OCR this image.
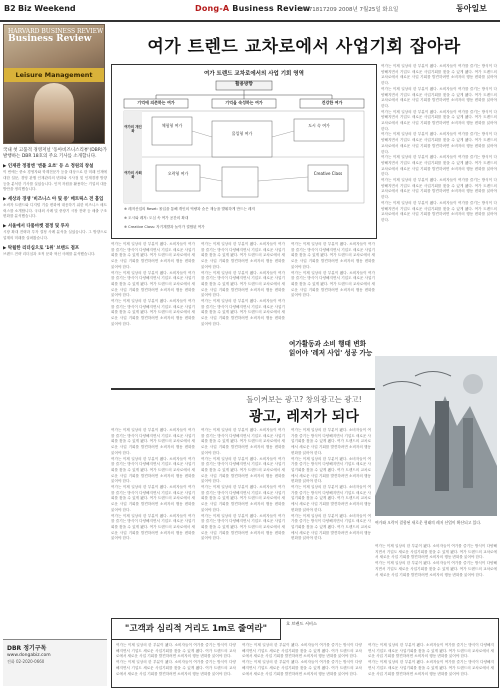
B2 Biz Weekend	Dong-A Business Review
08 71817209 2008년 7월25일 화요일	동아일보
HARVARD BUSINESS REVIEW
Business Review
Leisure Management
국내 첫 고품격 경영저널 '동아비즈니스리뷰'(DBR)가 발행하는 DBR 18호의 주요 기사를 소개합니다.
▶ 인재관 정점엔 '엔틀 요쏘' 등 소 정원의 창설
이 번에는 중소 경영자와 학계전문가 등을 대상으로 한 미래 인재에 대한 설문, 경영 관행 인재관리의 변화와 시사점 및 인재경쟁 방향 등을 분석한 기사를 실었습니다. 인적 자원을 활용하는 기업의 대응 방안을 정리했습니다.
▶ 세상과 경쟁 '비즈니스 아 및 중' 매트릭스 전 흡입
소비자 트렌드와 디지털 기술 변화에 대응하기 위한 비즈니스 매트릭스를 소개합니다. 국내외 사례 및 중장기 시장 전략 등 매출 구조 변화를 분석했습니다.
▶ 서울에서 다툼마켓 결정 및 투자
시장 확대 전략과 투자 결정 사례 분석을 실었습니다. 그 방향으로 업계의 미래를 살펴봤습니다.
▶ 탁월한 리더십으로 '1위' 브랜드 점프
브랜드 전략 리더십과 조직 문화 혁신 사례를 분석했습니다.
DBR 정기구독
www.dongabiz.com
전화 02-2020-0660
여가 트렌드 교차로에서 사업기회 잡아라
여가 트렌드 교차로에서의 사업 기회 영역
활용방향
기억에 의존하는 여가	기억을 숙성하는 여가	건강한 여가
여가의 개인화
여가의 사회화
체험형 여가
몰입형 여가
도시 속 여가
오락형 여가	Creative Class
※ 레저산업의 Reset: 몰입을 통해 개인의 역량과 숨은 재능을 발휘하게 만드는 레저
※ 도시와 레저: 도심 속 여가 공간의 확대
※ Creative Class: 자기계발과 놀이가 결합된 여가
여가는 이제 일상의 한 부분이 됐다. 소비자들이 여가를 즐기는 방식이 다양해지면서 기업도 새로운 사업기회를 찾을 수 있게 됐다. 여가 트렌드의 교차로에서 새로운 사업 기회를 발견하려면 소비자의 행동 변화를 읽어야 한다.
여가는 이제 일상의 한 부분이 됐다. 소비자들이 여가를 즐기는 방식이 다양해지면서 기업도 새로운 사업기회를 찾을 수 있게 됐다. 여가 트렌드의 교차로에서 새로운 사업 기회를 발견하려면 소비자의 행동 변화를 읽어야 한다.
여가는 이제 일상의 한 부분이 됐다. 소비자들이 여가를 즐기는 방식이 다양해지면서 기업도 새로운 사업기회를 찾을 수 있게 됐다. 여가 트렌드의 교차로에서 새로운 사업 기회를 발견하려면 소비자의 행동 변화를 읽어야 한다.
여가는 이제 일상의 한 부분이 됐다. 소비자들이 여가를 즐기는 방식이 다양해지면서 기업도 새로운 사업기회를 찾을 수 있게 됐다. 여가 트렌드의 교차로에서 새로운 사업 기회를 발견하려면 소비자의 행동 변화를 읽어야 한다.
여가는 이제 일상의 한 부분이 됐다. 소비자들이 여가를 즐기는 방식이 다양해지면서 기업도 새로운 사업기회를 찾을 수 있게 됐다. 여가 트렌드의 교차로에서 새로운 사업 기회를 발견하려면 소비자의 행동 변화를 읽어야 한다.
여가는 이제 일상의 한 부분이 됐다. 소비자들이 여가를 즐기는 방식이 다양해지면서 기업도 새로운 사업기회를 찾을 수 있게 됐다. 여가 트렌드의 교차로에서 새로운 사업 기회를 발견하려면 소비자의 행동 변화를 읽어야 한다.
여가는 이제 일상의 한 부분이 됐다. 소비자들이 여가를 즐기는 방식이 다양해지면서 기업도 새로운 사업기회를 찾을 수 있게 됐다. 여가 트렌드의 교차로에서 새로운 사업 기회를 발견하려면 소비자의 행동 변화를 읽어야 한다.
여가는 이제 일상의 한 부분이 됐다. 소비자들이 여가를 즐기는 방식이 다양해지면서 기업도 새로운 사업기회를 찾을 수 있게 됐다. 여가 트렌드의 교차로에서 새로운 사업 기회를 발견하려면 소비자의 행동 변화를 읽어야 한다.
여가는 이제 일상의 한 부분이 됐다. 소비자들이 여가를 즐기는 방식이 다양해지면서 기업도 새로운 사업기회를 찾을 수 있게 됐다. 여가 트렌드의 교차로에서 새로운 사업 기회를 발견하려면 소비자의 행동 변화를 읽어야 한다.
여가는 이제 일상의 한 부분이 됐다. 소비자들이 여가를 즐기는 방식이 다양해지면서 기업도 새로운 사업기회를 찾을 수 있게 됐다. 여가 트렌드의 교차로에서 새로운 사업 기회를 발견하려면 소비자의 행동 변화를 읽어야 한다.
여가는 이제 일상의 한 부분이 됐다. 소비자들이 여가를 즐기는 방식이 다양해지면서 기업도 새로운 사업기회를 찾을 수 있게 됐다. 여가 트렌드의 교차로에서 새로운 사업 기회를 발견하려면 소비자의 행동 변화를 읽어야 한다.
여가는 이제 일상의 한 부분이 됐다. 소비자들이 여가를 즐기는 방식이 다양해지면서 기업도 새로운 사업기회를 찾을 수 있게 됐다. 여가 트렌드의 교차로에서 새로운 사업 기회를 발견하려면 소비자의 행동 변화를 읽어야 한다.
여가는 이제 일상의 한 부분이 됐다. 소비자들이 여가를 즐기는 방식이 다양해지면서 기업도 새로운 사업기회를 찾을 수 있게 됐다. 여가 트렌드의 교차로에서 새로운 사업 기회를 발견하려면 소비자의 행동 변화를 읽어야 한다.
여가는 이제 일상의 한 부분이 됐다. 소비자들이 여가를 즐기는 방식이 다양해지면서 기업도 새로운 사업기회를 찾을 수 있게 됐다. 여가 트렌드의 교차로에서 새로운 사업 기회를 발견하려면 소비자의 행동 변화를 읽어야 한다.
여가는 이제 일상의 한 부분이 됐다. 소비자들이 여가를 즐기는 방식이 다양해지면서 기업도 새로운 사업기회를 찾을 수 있게 됐다. 여가 트렌드의 교차로에서 새로운 사업 기회를 발견하려면 소비자의 행동 변화를 읽어야 한다.
여가활동과 소비 행태 변화 읽어야 '레저 사업' 성공 가능
돌이켜보는 광고? 창의광고는 광고!
광고, 레저가 되다
여가는 이제 일상의 한 부분이 됐다. 소비자들이 여가를 즐기는 방식이 다양해지면서 기업도 새로운 사업기회를 찾을 수 있게 됐다. 여가 트렌드의 교차로에서 새로운 사업 기회를 발견하려면 소비자의 행동 변화를 읽어야 한다.
여가는 이제 일상의 한 부분이 됐다. 소비자들이 여가를 즐기는 방식이 다양해지면서 기업도 새로운 사업기회를 찾을 수 있게 됐다. 여가 트렌드의 교차로에서 새로운 사업 기회를 발견하려면 소비자의 행동 변화를 읽어야 한다.
여가는 이제 일상의 한 부분이 됐다. 소비자들이 여가를 즐기는 방식이 다양해지면서 기업도 새로운 사업기회를 찾을 수 있게 됐다. 여가 트렌드의 교차로에서 새로운 사업 기회를 발견하려면 소비자의 행동 변화를 읽어야 한다.
여가는 이제 일상의 한 부분이 됐다. 소비자들이 여가를 즐기는 방식이 다양해지면서 기업도 새로운 사업기회를 찾을 수 있게 됐다. 여가 트렌드의 교차로에서 새로운 사업 기회를 발견하려면 소비자의 행동 변화를 읽어야 한다.
여가는 이제 일상의 한 부분이 됐다. 소비자들이 여가를 즐기는 방식이 다양해지면서 기업도 새로운 사업기회를 찾을 수 있게 됐다. 여가 트렌드의 교차로에서 새로운 사업 기회를 발견하려면 소비자의 행동 변화를 읽어야 한다.
여가는 이제 일상의 한 부분이 됐다. 소비자들이 여가를 즐기는 방식이 다양해지면서 기업도 새로운 사업기회를 찾을 수 있게 됐다. 여가 트렌드의 교차로에서 새로운 사업 기회를 발견하려면 소비자의 행동 변화를 읽어야 한다.
여가는 이제 일상의 한 부분이 됐다. 소비자들이 여가를 즐기는 방식이 다양해지면서 기업도 새로운 사업기회를 찾을 수 있게 됐다. 여가 트렌드의 교차로에서 새로운 사업 기회를 발견하려면 소비자의 행동 변화를 읽어야 한다.
여가는 이제 일상의 한 부분이 됐다. 소비자들이 여가를 즐기는 방식이 다양해지면서 기업도 새로운 사업기회를 찾을 수 있게 됐다. 여가 트렌드의 교차로에서 새로운 사업 기회를 발견하려면 소비자의 행동 변화를 읽어야 한다.
여가는 이제 일상의 한 부분이 됐다. 소비자들이 여가를 즐기는 방식이 다양해지면서 기업도 새로운 사업기회를 찾을 수 있게 됐다. 여가 트렌드의 교차로에서 새로운 사업 기회를 발견하려면 소비자의 행동 변화를 읽어야 한다.
여가는 이제 일상의 한 부분이 됐다. 소비자들이 여가를 즐기는 방식이 다양해지면서 기업도 새로운 사업기회를 찾을 수 있게 됐다. 여가 트렌드의 교차로에서 새로운 사업 기회를 발견하려면 소비자의 행동 변화를 읽어야 한다.
여가는 이제 일상의 한 부분이 됐다. 소비자들이 여가를 즐기는 방식이 다양해지면서 기업도 새로운 사업기회를 찾을 수 있게 됐다. 여가 트렌드의 교차로에서 새로운 사업 기회를 발견하려면 소비자의 행동 변화를 읽어야 한다.
여가는 이제 일상의 한 부분이 됐다. 소비자들이 여가를 즐기는 방식이 다양해지면서 기업도 새로운 사업기회를 찾을 수 있게 됐다. 여가 트렌드의 교차로에서 새로운 사업 기회를 발견하려면 소비자의 행동 변화를 읽어야 한다.
여가와 오락이 결합된 새로운 형태의 레저 산업이 확산되고 있다.
여가는 이제 일상의 한 부분이 됐다. 소비자들이 여가를 즐기는 방식이 다양해지면서 기업도 새로운 사업기회를 찾을 수 있게 됐다. 여가 트렌드의 교차로에서 새로운 사업 기회를 발견하려면 소비자의 행동 변화를 읽어야 한다.
여가는 이제 일상의 한 부분이 됐다. 소비자들이 여가를 즐기는 방식이 다양해지면서 기업도 새로운 사업기회를 찾을 수 있게 됐다. 여가 트렌드의 교차로에서 새로운 사업 기회를 발견하려면 소비자의 행동 변화를 읽어야 한다.
"고객과 심리적 거리도 1m로 줄여라"
호 브랜드 서비스
여가는 이제 일상의 한 부분이 됐다. 소비자들이 여가를 즐기는 방식이 다양해지면서 기업도 새로운 사업기회를 찾을 수 있게 됐다. 여가 트렌드의 교차로에서 새로운 사업 기회를 발견하려면 소비자의 행동 변화를 읽어야 한다.
여가는 이제 일상의 한 부분이 됐다. 소비자들이 여가를 즐기는 방식이 다양해지면서 기업도 새로운 사업기회를 찾을 수 있게 됐다. 여가 트렌드의 교차로에서 새로운 사업 기회를 발견하려면 소비자의 행동 변화를 읽어야 한다.
여가는 이제 일상의 한 부분이 됐다. 소비자들이 여가를 즐기는 방식이 다양해지면서 기업도 새로운 사업기회를 찾을 수 있게 됐다. 여가 트렌드의 교차로에서 새로운 사업 기회를 발견하려면 소비자의 행동 변화를 읽어야 한다.
여가는 이제 일상의 한 부분이 됐다. 소비자들이 여가를 즐기는 방식이 다양해지면서 기업도 새로운 사업기회를 찾을 수 있게 됐다. 여가 트렌드의 교차로에서 새로운 사업 기회를 발견하려면 소비자의 행동 변화를 읽어야 한다.
여가는 이제 일상의 한 부분이 됐다. 소비자들이 여가를 즐기는 방식이 다양해지면서 기업도 새로운 사업기회를 찾을 수 있게 됐다. 여가 트렌드의 교차로에서 새로운 사업 기회를 발견하려면 소비자의 행동 변화를 읽어야 한다.
여가는 이제 일상의 한 부분이 됐다. 소비자들이 여가를 즐기는 방식이 다양해지면서 기업도 새로운 사업기회를 찾을 수 있게 됐다. 여가 트렌드의 교차로에서 새로운 사업 기회를 발견하려면 소비자의 행동 변화를 읽어야 한다.
